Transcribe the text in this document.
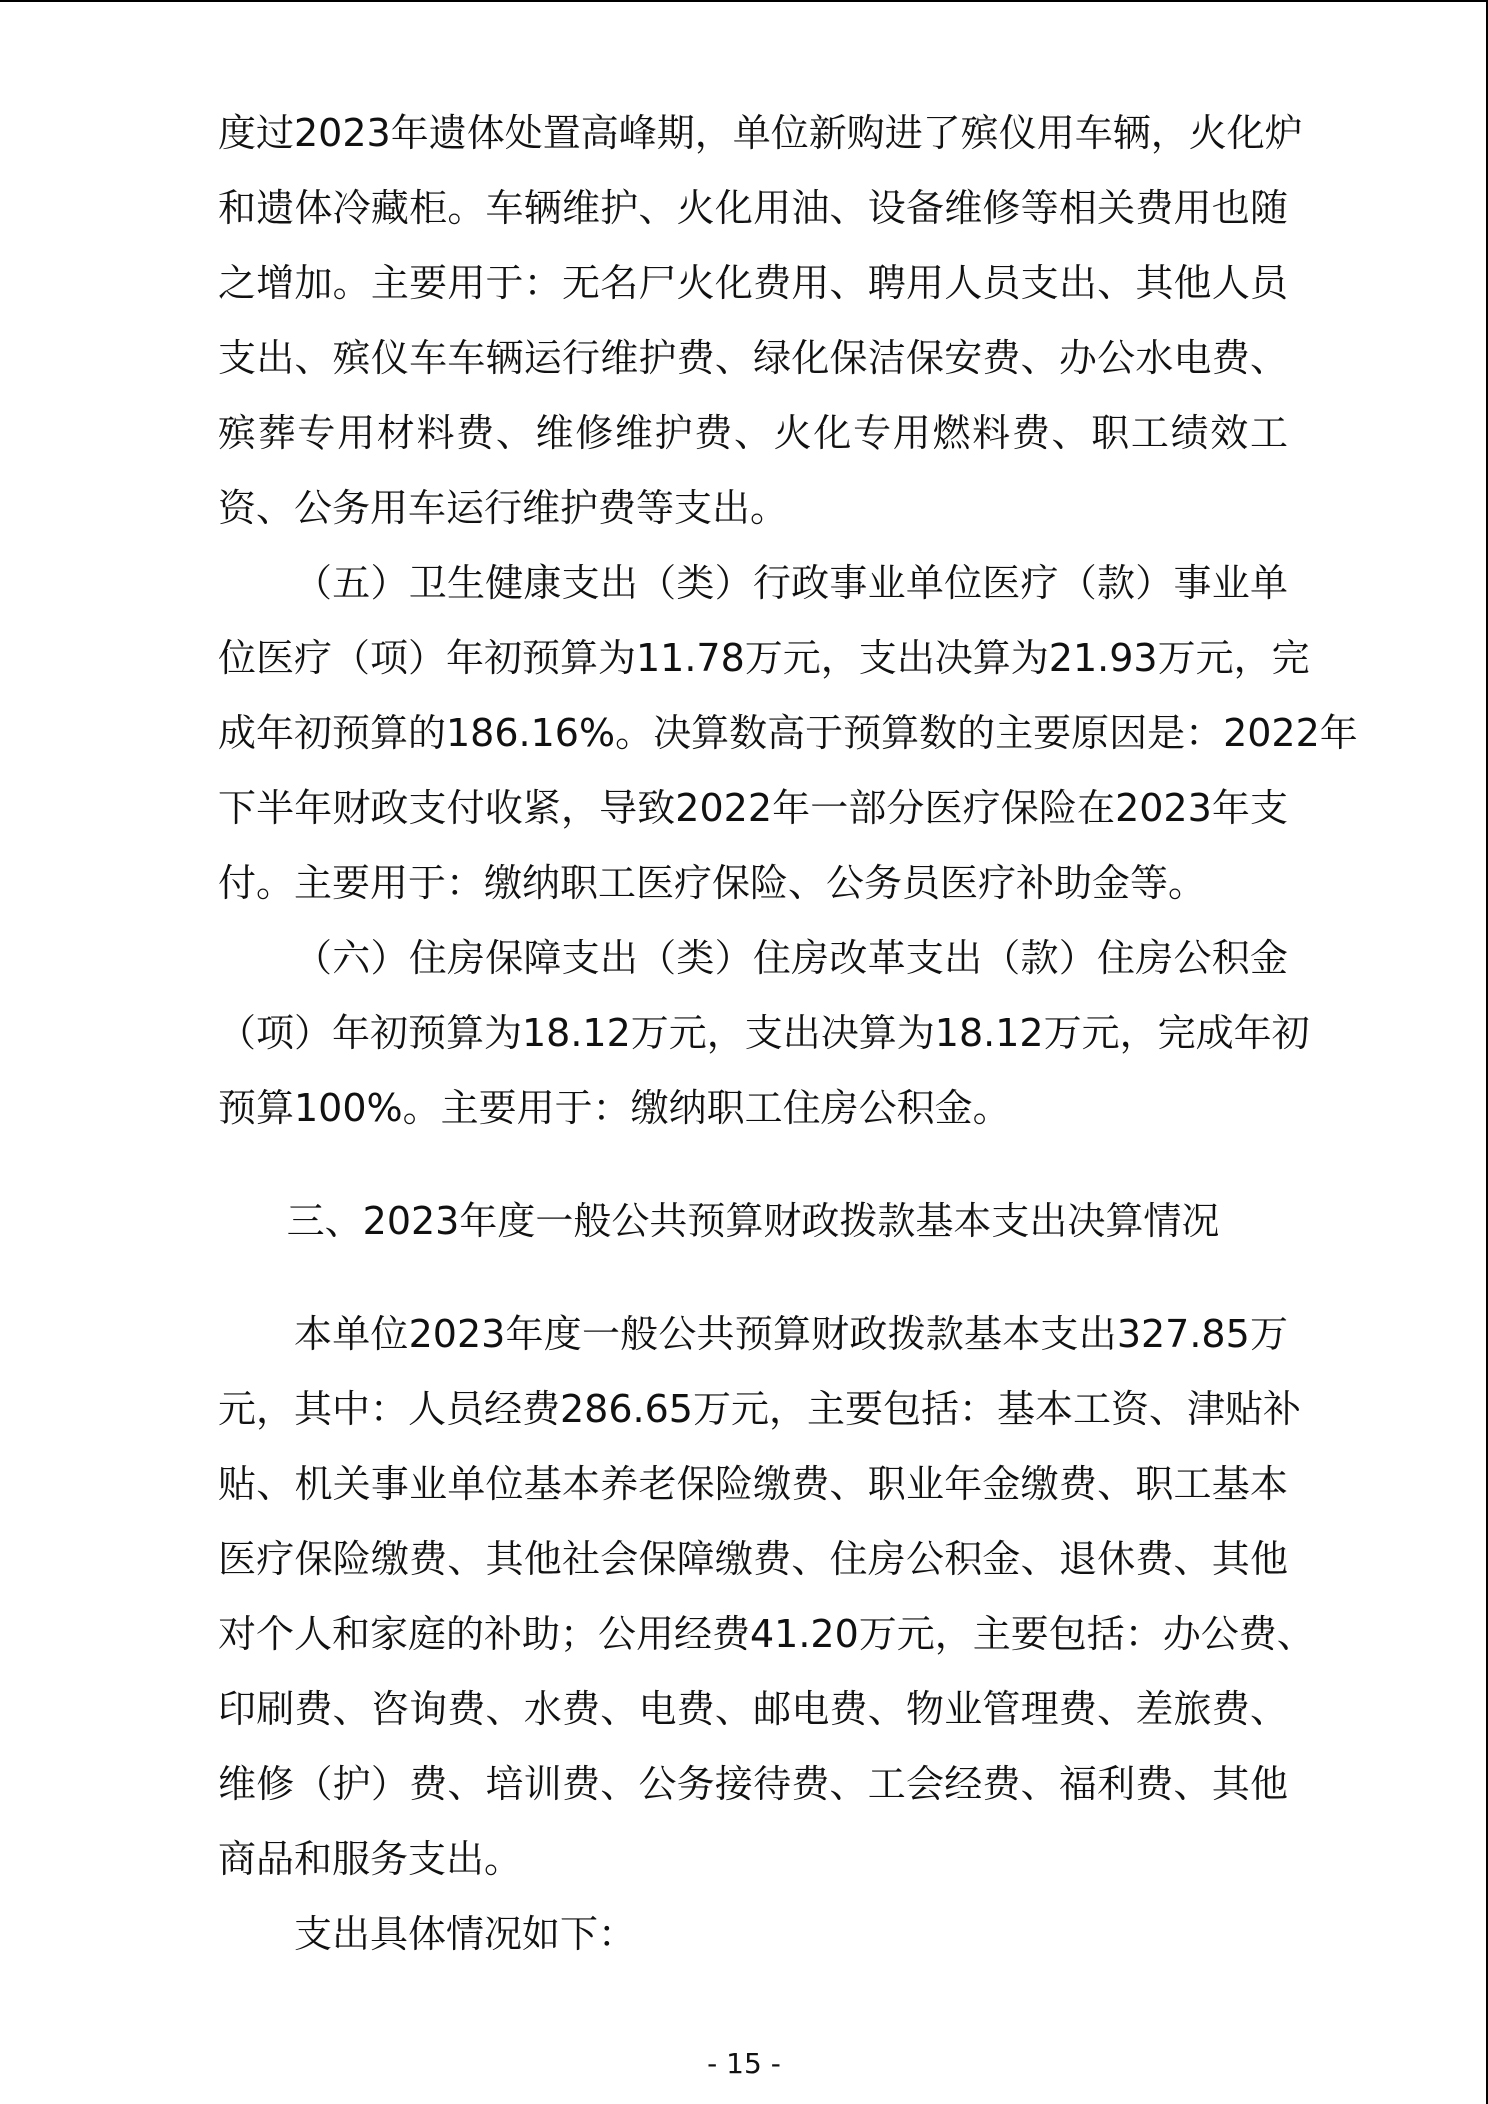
度过2023年遗体处置高峰期，单位新购进了殡仪用车辆，火化炉
和遗体冷藏柜。车辆维护、火化用油、设备维修等相关费用也随
之增加。主要用于：无名尸火化费用、聘用人员支出、其他人员
支出、殡仪车车辆运行维护费、绿化保洁保安费、办公水电费、
殡葬专用材料费、维修维护费、火化专用燃料费、职工绩效工
资、公务用车运行维护费等支出。
（五）卫生健康支出（类）行政事业单位医疗（款）事业单
位医疗（项）年初预算为11.78万元，支出决算为21.93万元，完
成年初预算的186.16%。决算数高于预算数的主要原因是：2022年
下半年财政支付收紧，导致2022年一部分医疗保险在2023年支
付。主要用于：缴纳职工医疗保险、公务员医疗补助金等。
（六）住房保障支出（类）住房改革支出（款）住房公积金
（项）年初预算为18.12万元，支出决算为18.12万元，完成年初
预算100%。主要用于：缴纳职工住房公积金。
三、2023年度一般公共预算财政拨款基本支出决算情况
本单位2023年度一般公共预算财政拨款基本支出327.85万
元，其中：人员经费286.65万元，主要包括：基本工资、津贴补
贴、机关事业单位基本养老保险缴费、职业年金缴费、职工基本
医疗保险缴费、其他社会保障缴费、住房公积金、退休费、其他
对个人和家庭的补助；公用经费41.20万元，主要包括：办公费、
印刷费、咨询费、水费、电费、邮电费、物业管理费、差旅费、
维修（护）费、培训费、公务接待费、工会经费、福利费、其他
商品和服务支出。
支出具体情况如下：
- 15 -
